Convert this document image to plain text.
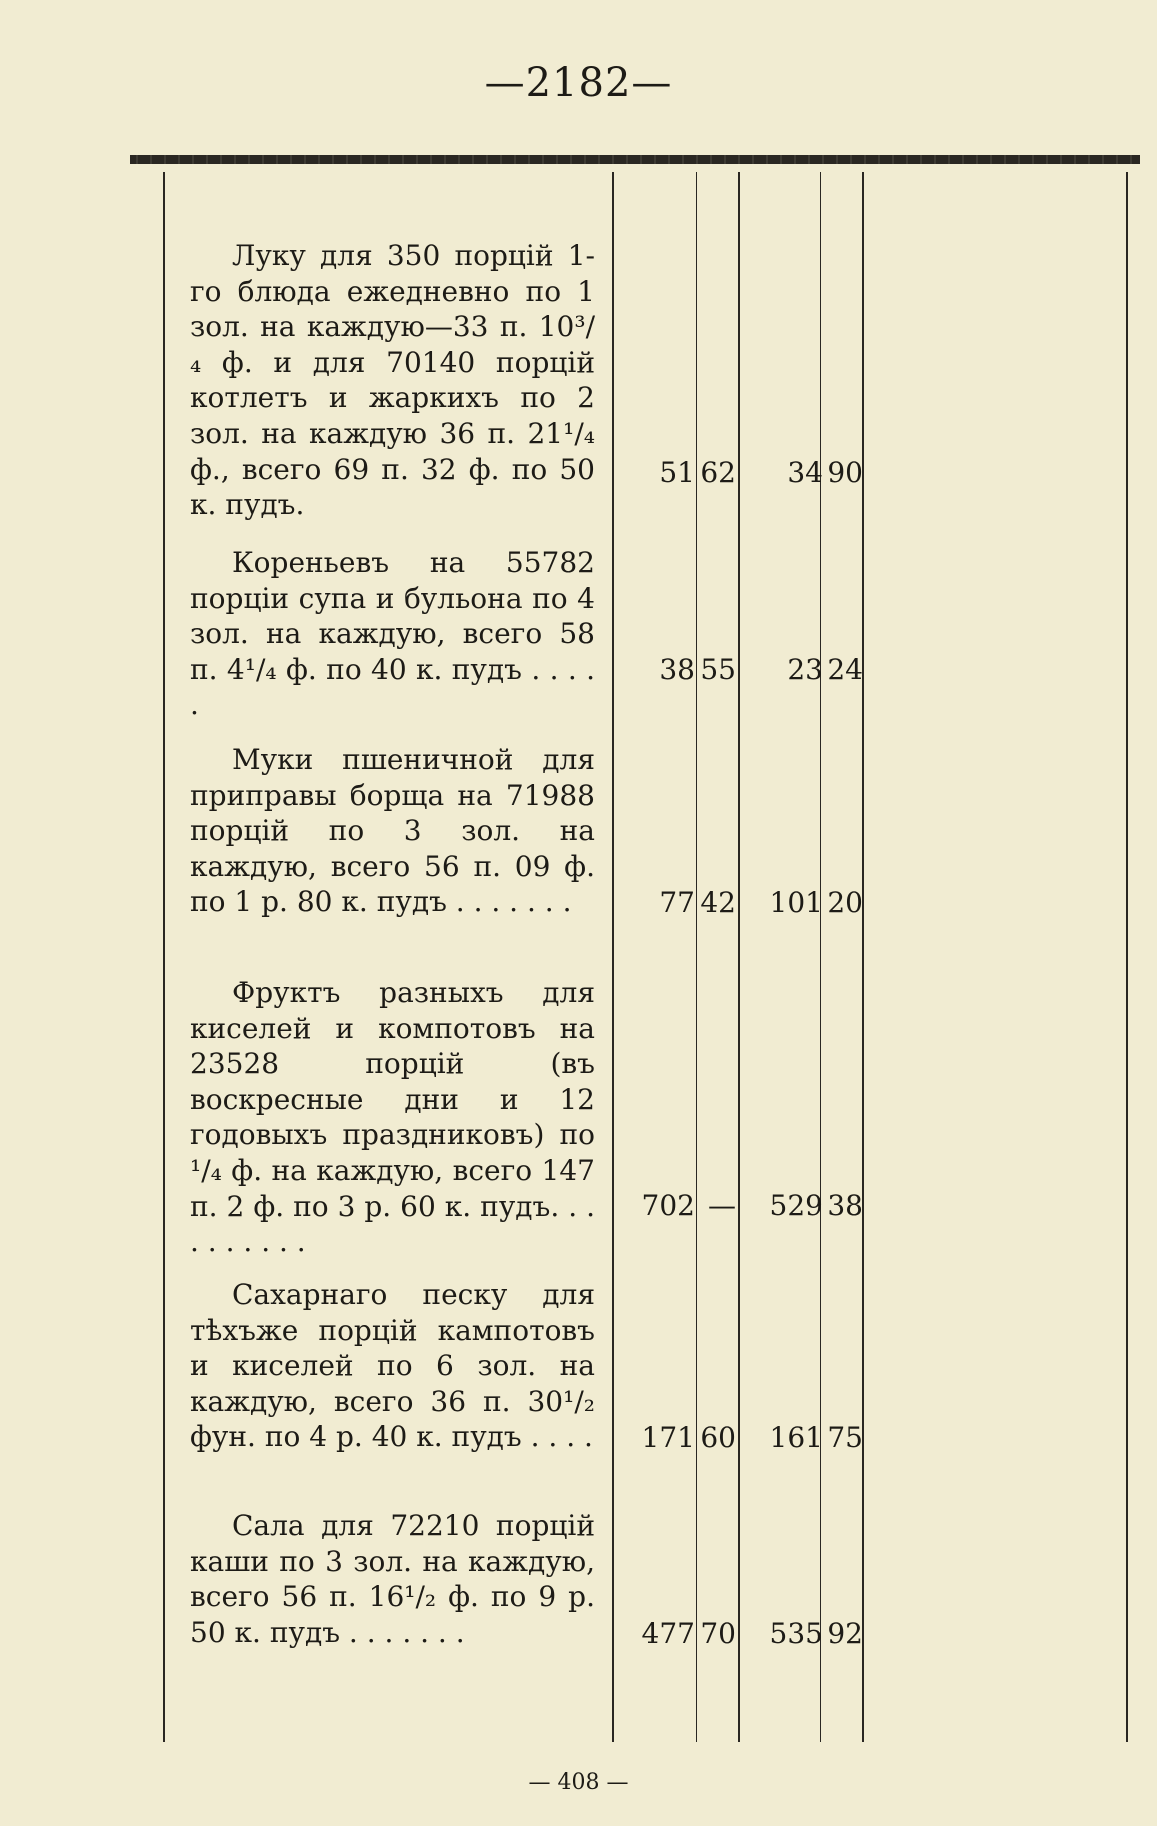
—2182—
Луку для 350 порцій 1-го блюда ежедневно по 1 зол. на каждую—33 п. 10³/₄ ф. и для 70140 порцій котлетъ и жаркихъ по 2 зол. на каждую 36 п. 21¹/₄ ф., всего 69 п. 32 ф. по 50 к. пудъ.
51 62	34 90
Кореньевъ на 55782 порціи супа и бульона по 4 зол. на каждую, всего 58 п. 4¹/₄ ф. по 40 к. пудъ . . . . .
38 55	23 24
Муки пшеничной для приправы борща на 71988 порцій по 3 зол. на каждую, всего 56 п. 09 ф. по 1 р. 80 к. пудъ . . . . . . .	77 42	101 20
Фруктъ разныхъ для киселей и компотовъ на 23528 порцій (въ воскресные дни и 12 годовыхъ праздниковъ) по ¹/₄ ф. на каждую, всего 147 п. 2 ф. по 3 р. 60 к. пудъ. . . . . . . . . .
702 —	529 38
Сахарнаго песку для тѣхъже порцій кампотовъ и киселей по 6 зол. на каждую, всего 36 п. 30¹/₂ фун. по 4 р. 40 к. пудъ . . . .	171 60	161 75
Сала для 72210 порцій каши по 3 зол. на каждую, всего 56 п. 16¹/₂ ф. по 9 р. 50 к. пудъ . . . . . . .	477 70	535 92
— 408 —
